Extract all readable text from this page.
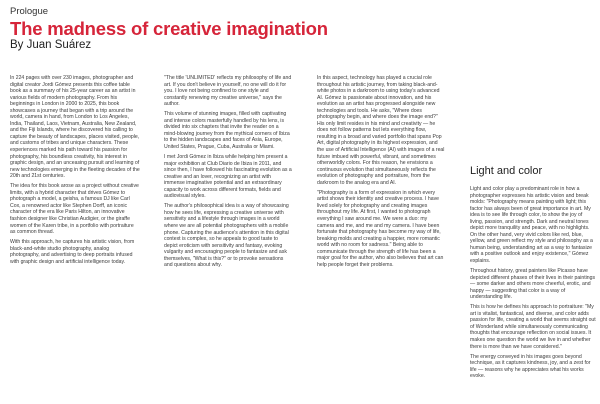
Prologue
The madness of creative imagination
By Juan Suárez

In 224 pages with over 230 images, photographer and digital creator Jordi Gómez presents this coffee table book as a summary of his 25-year career as an artist in various fields of modern photography. From his beginnings in London in 2000 to 2025, this book showcases a journey that began with a trip around the world, camera in hand, from London to Los Angeles, India, Thailand, Laos, Vietnam, Australia, New Zealand, and the Fiji Islands, where he discovered his calling to capture the beauty of landscapes, places visited, people, and customs of tribes and unique characters. These experiences marked his path toward his passion for photography, his boundless creativity, his interest in graphic design, and an unceasing pursuit and learning of new technologies emerging in the fleeting decades of the 20th and 21st centuries.

The idea for this book arose as a project without creative limits, with a hybrid character that drives Gómez to photograph a model, a geisha, a famous DJ like Carl Cox, a renowned actor like Stephen Dorff, an iconic character of the era like Paris Hilton, an innovative fashion designer like Christian Audigier, or the giraffe women of the Karen tribe, in a portfolio with portraiture as common thread.

With this approach, he captures his artistic vision, from black-and-white studio photography, analog photography, and advertising to deep portraits infused with graphic design and artificial intelligence today.

"The title 'UNLIMITED' reflects my philosophy of life and art. If you don't believe in yourself, no one will do it for you. I love not being confined to one style and constantly renewing my creative universe," says the author.

This volume of stunning images, filled with captivating and intense colors masterfully handled by his lens, is divided into six chapters that invite the reader on a mind-blowing journey from the mythical corners of Ibiza to the hidden landscapes and faces of Asia, Europe, United States, Prague, Cuba, Australia or Miami.

I met Jordi Gómez in Ibiza while helping him present a major exhibition at Club Diario de Ibiza in 2011, and since then, I have followed his fascinating evolution as a creative and an lover, recognizing an artist with immense imaginative potential and an extraordinary capacity to work across different formats, fields and audiovisual styles.

The author's philosophical idea is a way of showcasing how he sees life, expressing a creative universe with sensitivity and a lifestyle through images in a world where we are all potential photographers with a mobile phone. Capturing the audience's attention in this digital context is complex, so he appeals to good taste to depict eroticism with sensitivity and fantasy, evoking vulgarity and encouraging people to fantasize and ask themselves, "What is this?" or to provoke sensations and questions about why.

In this aspect, technology has played a crucial role throughout his artistic journey, from taking black-and-white photos in a darkroom to using today's advanced AI. Gómez is passionate about innovation, and his evolution as an artist has progressed alongside new technologies and tools. He asks, "Where does photography begin, and where does the image end?" His only limit resides in his mind and creativity — he does not follow patterns but lets everything flow, resulting in a broad and varied portfolio that spans Pop Art, digital photography in its highest expression, and the use of Artificial Intelligence (AI) with images of a real future imbued with powerful, vibrant, and sometimes otherworldly colors. For this reason, he envisions a continuous evolution that simultaneously reflects the evolution of photography and portraiture, from the darkroom to the analog era and AI.

"Photography is a form of expression in which every artist shows their identity and creative process. I have lived solely for photography and creating images throughout my life. At first, I wanted to photograph everything I saw around me. We were a duo: my camera and me, and me and my camera. I have been fortunate that photography has become my way of life, breaking molds and creating a happier, more romantic world with no room for sadness." Being able to communicate through the strength of life has been a major goal for the author, who also believes that art can help people forget their problems.

Light and color

Light and color play a predominant role in how a photographer expresses his artistic vision and break molds: "Photography means painting with light; this factor has always been of great importance in art. My idea is to see life through color, to show the joy of living, passion, and strength. Dark and neutral tones depict more tranquility and peace, with no highlights. On the other hand, very vivid colors like red, blue, yellow, and green reflect my style and philosophy as a human being, understanding art as a way to fantasize with a positive outlook and enjoy existence," Gómez explains.

Throughout history, great painters like Picasso have depicted different phases of their lives in their paintings — some darker and others more cheerful, erotic, and happy — suggesting that color is a way of understanding life.

This is how he defines his approach to portraiture: "My art is vitalist, fantastical, and diverse, and color adds passion for life, creating a world that seems straight out of Wonderland while simultaneously communicating thoughts that encourage reflection on social issues. It makes one question the world we live in and whether there is more than we have considered."

The energy conveyed in his images goes beyond technique, as it captures kindness, joy, and a zest for life — reasons why he appreciates what his works evoke.
